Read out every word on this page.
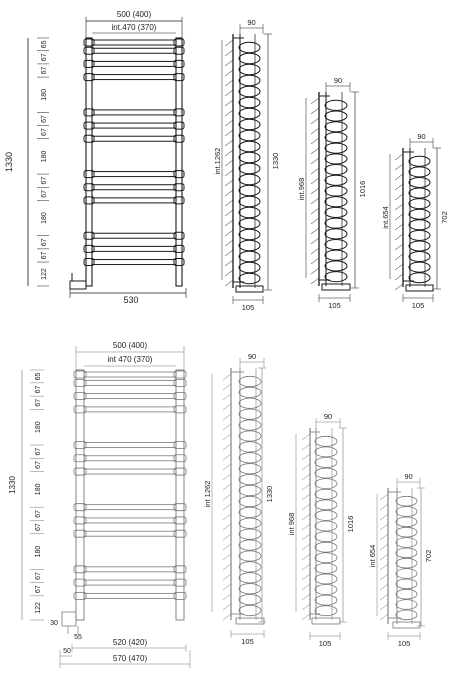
500 (400)
int.470 (370)
1330
65
67
67
180
67
67
180
67
67
180
67
67
122
530
90
int.1262	1330
105
90
int.968	1016
105
90
int.654	702
105
500 (400)
int 470 (370)
1330
65
67
67
180
67
67
180
67
67
180
67
67
122
30
55
520 (420)
50
570 (470)
90
int 1262	1330
105
90
int 968	1016
105
90
int 654	702
105
